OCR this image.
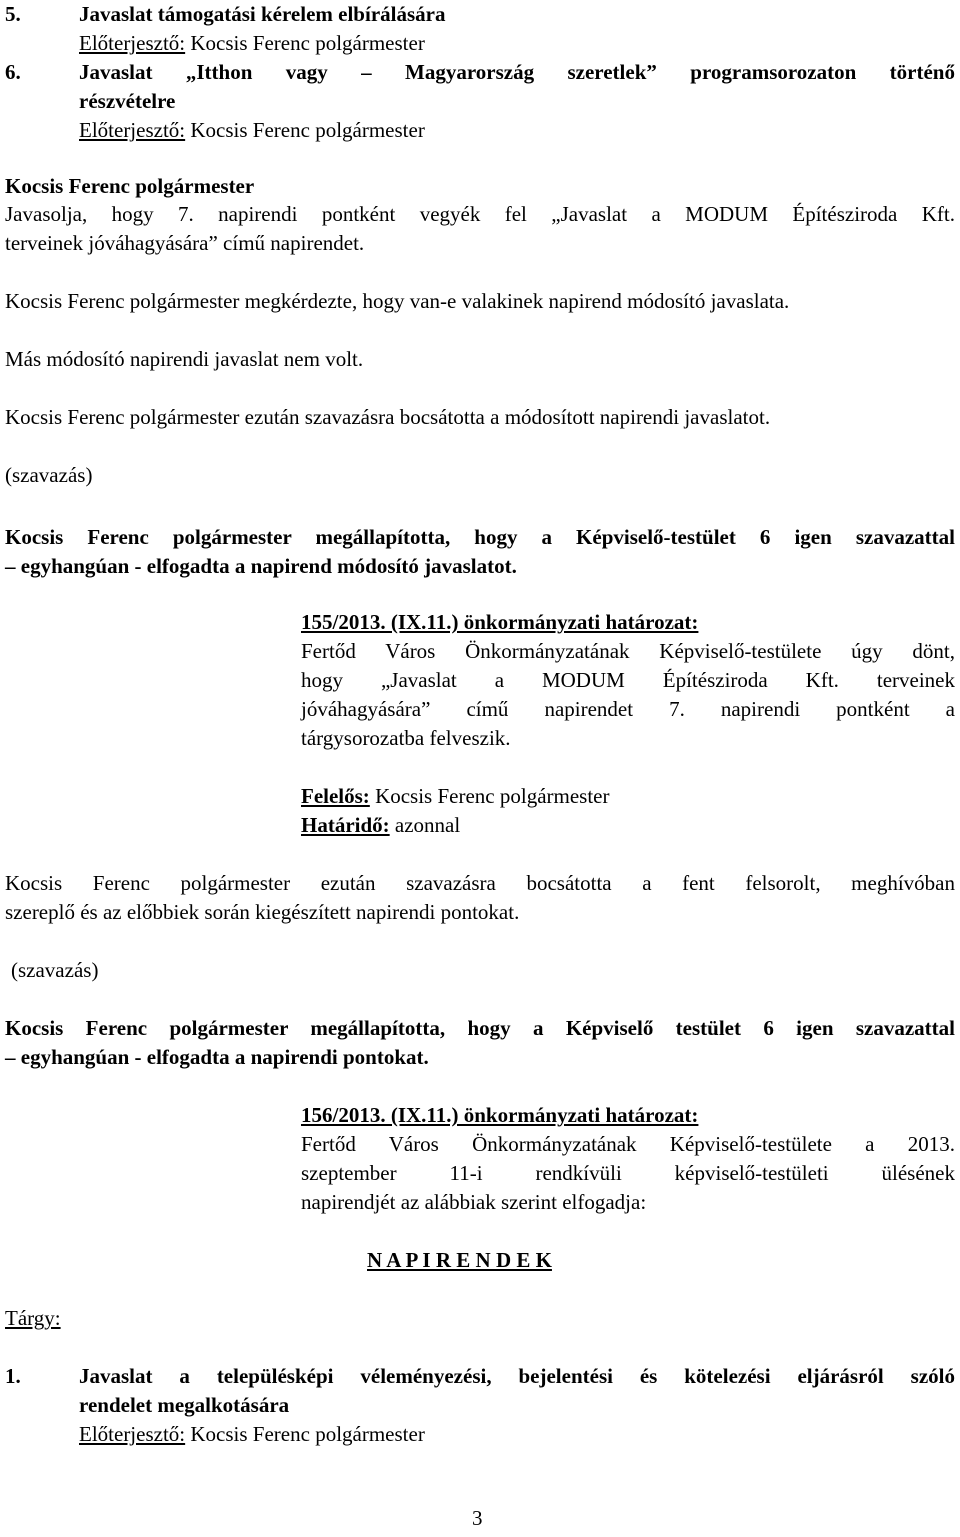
5.	Javaslat támogatási kérelem elbírálására
Előterjesztő: Kocsis Ferenc polgármester
6.	Javaslat „Itthon vagy – Magyarország szeretlek” programsorozaton történő
részvételre
Előterjesztő: Kocsis Ferenc polgármester
Kocsis Ferenc polgármester
Javasolja, hogy 7. napirendi pontként vegyék fel „Javaslat a MODUM Építésziroda Kft.
terveinek jóváhagyására” című napirendet.
Kocsis Ferenc polgármester megkérdezte, hogy van-e valakinek napirend módosító javaslata.
Más módosító napirendi javaslat nem volt.
Kocsis Ferenc polgármester ezután szavazásra bocsátotta a módosított napirendi javaslatot.
(szavazás)
Kocsis Ferenc polgármester megállapította, hogy a Képviselő-testület 6 igen szavazattal
– egyhangúan - elfogadta a napirend módosító javaslatot.
155/2013. (IX.11.) önkormányzati határozat:
Fertőd Város Önkormányzatának Képviselő-testülete úgy dönt,
hogy „Javaslat a MODUM Építésziroda Kft. terveinek
jóváhagyására” című napirendet 7. napirendi pontként a
tárgysorozatba felveszik.
Felelős: Kocsis Ferenc polgármester
Határidő: azonnal
Kocsis Ferenc polgármester ezután szavazásra bocsátotta a fent felsorolt, meghívóban
szereplő és az előbbiek során kiegészített napirendi pontokat.
(szavazás)
Kocsis Ferenc polgármester megállapította, hogy a Képviselő testület 6 igen szavazattal
– egyhangúan - elfogadta a napirendi pontokat.
156/2013. (IX.11.) önkormányzati határozat:
Fertőd Város Önkormányzatának Képviselő-testülete a 2013.
szeptember 11-i rendkívüli képviselő-testületi ülésének
napirendjét az alábbiak szerint elfogadja:
N A P I R E N D E K
Tárgy:
1.	Javaslat a településképi véleményezési, bejelentési és kötelezési eljárásról szóló
rendelet megalkotására
Előterjesztő: Kocsis Ferenc polgármester
3
